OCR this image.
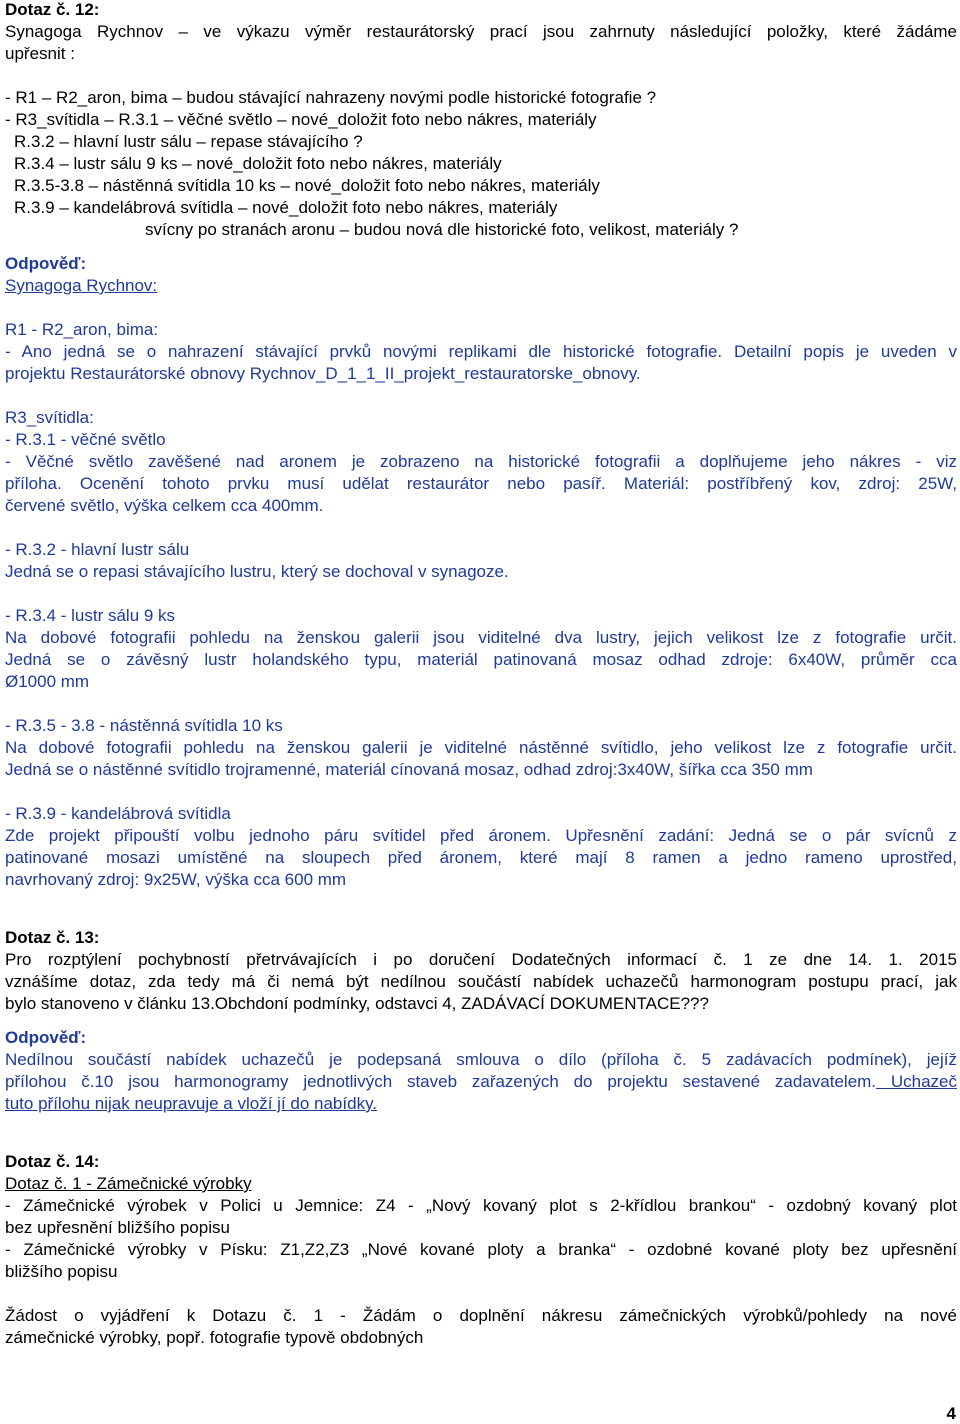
Dotaz č. 12:
Synagoga Rychnov – ve výkazu výměr restaurátorský prací jsou zahrnuty následující položky, které žádáme
upřesnit :
- R1 – R2_aron, bima – budou stávající nahrazeny novými podle historické fotografie ?
- R3_svítidla – R.3.1 – věčné světlo – nové_doložit foto nebo nákres, materiály
R.3.2 – hlavní lustr sálu – repase stávajícího ?
R.3.4 – lustr sálu 9 ks – nové_doložit foto nebo nákres, materiály
R.3.5-3.8 – nástěnná svítidla 10 ks – nové_doložit foto nebo nákres, materiály
R.3.9 – kandelábrová svítidla – nové_doložit foto nebo nákres, materiály
svícny po stranách aronu – budou nová dle historické foto, velikost, materiály ?
Odpověď:
Synagoga Rychnov:
R1 - R2_aron, bima:
- Ano jedná se o nahrazení stávající prvků novými replikami dle historické fotografie. Detailní popis je uveden v
projektu Restaurátorské obnovy Rychnov_D_1_1_II_projekt_restauratorske_obnovy.
R3_svítidla:
- R.3.1 - věčné světlo
- Věčné světlo zavěšené nad aronem je zobrazeno na historické fotografii a doplňujeme jeho nákres - viz
příloha. Ocenění tohoto prvku musí udělat restaurátor nebo pasíř. Materiál: postříbřený kov, zdroj: 25W,
červené světlo, výška celkem cca 400mm.
- R.3.2 - hlavní lustr sálu
Jedná se o repasi stávajícího lustru, který se dochoval v synagoze.
- R.3.4 - lustr sálu 9 ks
Na dobové fotografii pohledu na ženskou galerii jsou viditelné dva lustry, jejich velikost lze z fotografie určit.
Jedná se o závěsný lustr holandského typu, materiál patinovaná mosaz odhad zdroje: 6x40W, průměr cca
Ø1000 mm
- R.3.5 - 3.8 - nástěnná svítidla 10 ks
Na dobové fotografii pohledu na ženskou galerii je viditelné nástěnné svítidlo, jeho velikost lze z fotografie určit.
Jedná se o nástěnné svítidlo trojramenné, materiál cínovaná mosaz, odhad zdroj:3x40W, šířka cca 350 mm
- R.3.9 - kandelábrová svítidla
Zde projekt připouští volbu jednoho páru svítidel před áronem. Upřesnění zadání: Jedná se o pár svícnů z
patinované mosazi umístěné na sloupech před áronem, které mají 8 ramen a jedno rameno uprostřed,
navrhovaný zdroj: 9x25W, výška cca 600 mm
Dotaz č. 13:
Pro rozptýlení pochybností přetrvávajících i po doručení Dodatečných informací č. 1 ze dne 14. 1. 2015
vznášíme dotaz, zda tedy má či nemá být nedílnou součástí nabídek uchazečů harmonogram postupu prací, jak
bylo stanoveno v článku 13.Obchdoní podmínky, odstavci 4, ZADÁVACÍ DOKUMENTACE???
Odpověď:
Nedílnou součástí nabídek uchazečů je podepsaná smlouva o dílo (příloha č. 5 zadávacích podmínek), jejíž
přílohou č.10 jsou harmonogramy jednotlivých staveb zařazených do projektu sestavené zadavatelem. Uchazeč
tuto přílohu nijak neupravuje a vloží jí do nabídky.
Dotaz č. 14:
Dotaz č. 1 - Zámečnické výrobky
- Zámečnické výrobek v Polici u Jemnice: Z4 - „Nový kovaný plot s 2-křídlou brankou“ - ozdobný kovaný plot
bez upřesnění bližšího popisu
- Zámečnické výrobky v Písku: Z1,Z2,Z3 „Nové kované ploty a branka“ - ozdobné kované ploty bez upřesnění
bližšího popisu
Žádost o vyjádření k Dotazu č. 1 - Žádám o doplnění nákresu zámečnických výrobků/pohledy na nové
zámečnické výrobky, popř. fotografie typově obdobných
4
